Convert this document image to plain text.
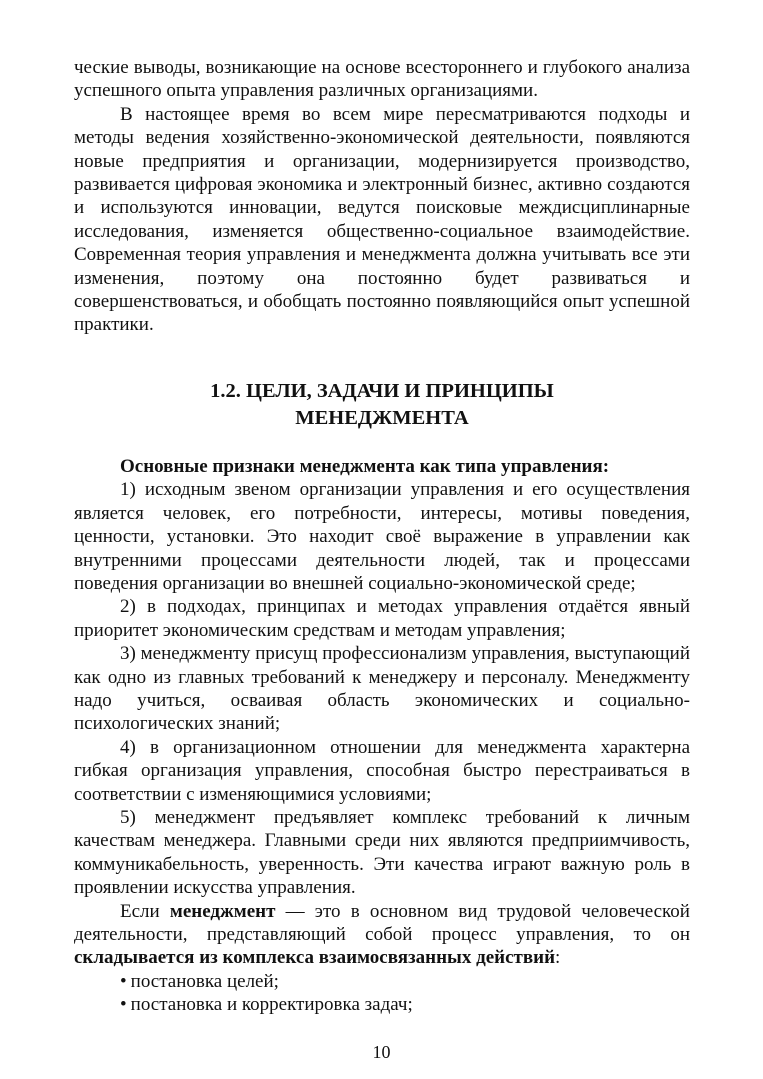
ческие выводы, возникающие на основе всестороннего и глубокого анализа успешного опыта управления различных организациями.

В настоящее время во всем мире пересматриваются подходы и методы ведения хозяйственно-экономической деятельности, появляются новые предприятия и организации, модернизируется производство, развивается цифровая экономика и электронный бизнес, активно создаются и используются инновации, ведутся поисковые междисциплинарные исследования, изменяется общественно-социальное взаимодействие. Современная теория управления и менеджмента должна учитывать все эти изменения, поэтому она постоянно будет развиваться и совершенствоваться, и обобщать постоянно появляющийся опыт успешной практики.

1.2. ЦЕЛИ, ЗАДАЧИ И ПРИНЦИПЫ
МЕНЕДЖМЕНТА

Основные признаки менеджмента как типа управления:

1) исходным звеном организации управления и его осуществления является человек, его потребности, интересы, мотивы поведения, ценности, установки. Это находит своё выражение в управлении как внутренними процессами деятельности людей, так и процессами поведения организации во внешней социально-экономической среде;

2) в подходах, принципах и методах управления отдаётся явный приоритет экономическим средствам и методам управления;

3) менеджменту присущ профессионализм управления, выступающий как одно из главных требований к менеджеру и персоналу. Менеджменту надо учиться, осваивая область экономических и социально-психологических знаний;

4) в организационном отношении для менеджмента характерна гибкая организация управления, способная быстро перестраиваться в соответствии с изменяющимися условиями;

5) менеджмент предъявляет комплекс требований к личным качествам менеджера. Главными среди них являются предприимчивость, коммуникабельность, уверенность. Эти качества играют важную роль в проявлении искусства управления.

Если менеджмент — это в основном вид трудовой человеческой деятельности, представляющий собой процесс управления, то он складывается из комплекса взаимосвязанных действий:

• постановка целей;
• постановка и корректировка задач;
10
